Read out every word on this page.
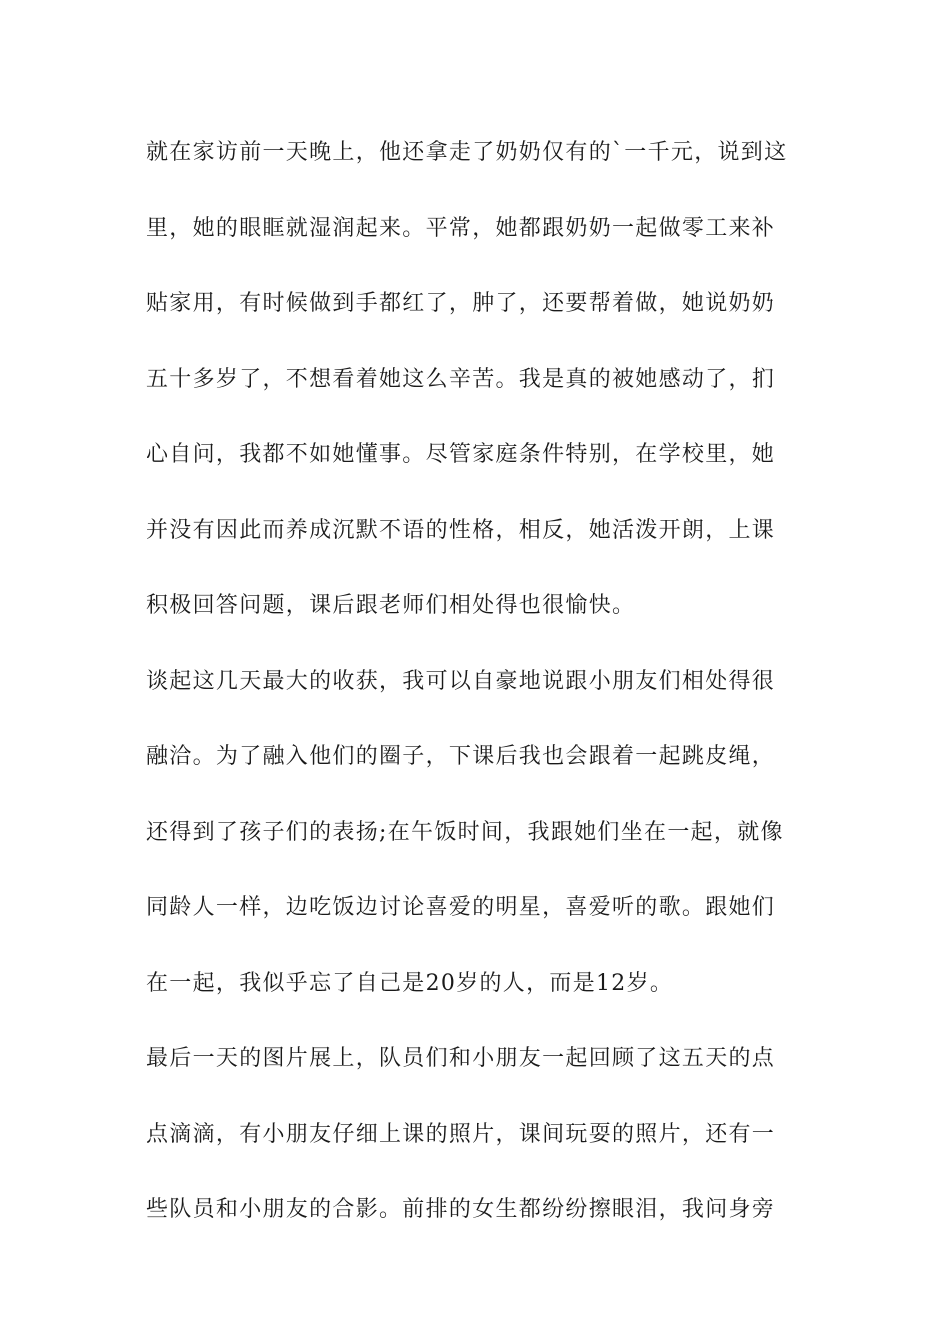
就在家访前一天晚上，他还拿走了奶奶仅有的`一千元，说到这
里，她的眼眶就湿润起来。平常，她都跟奶奶一起做零工来补
贴家用，有时候做到手都红了，肿了，还要帮着做，她说奶奶
五十多岁了，不想看着她这么辛苦。我是真的被她感动了，扪
心自问，我都不如她懂事。尽管家庭条件特别，在学校里，她
并没有因此而养成沉默不语的性格，相反，她活泼开朗，上课
积极回答问题，课后跟老师们相处得也很愉快。
谈起这几天最大的收获，我可以自豪地说跟小朋友们相处得很
融洽。为了融入他们的圈子，下课后我也会跟着一起跳皮绳，
还得到了孩子们的表扬;在午饭时间，我跟她们坐在一起，就像
同龄人一样，边吃饭边讨论喜爱的明星，喜爱听的歌。跟她们
在一起，我似乎忘了自己是20岁的人，而是12岁。
最后一天的图片展上，队员们和小朋友一起回顾了这五天的点
点滴滴，有小朋友仔细上课的照片，课间玩耍的照片，还有一
些队员和小朋友的合影。前排的女生都纷纷擦眼泪，我问身旁
